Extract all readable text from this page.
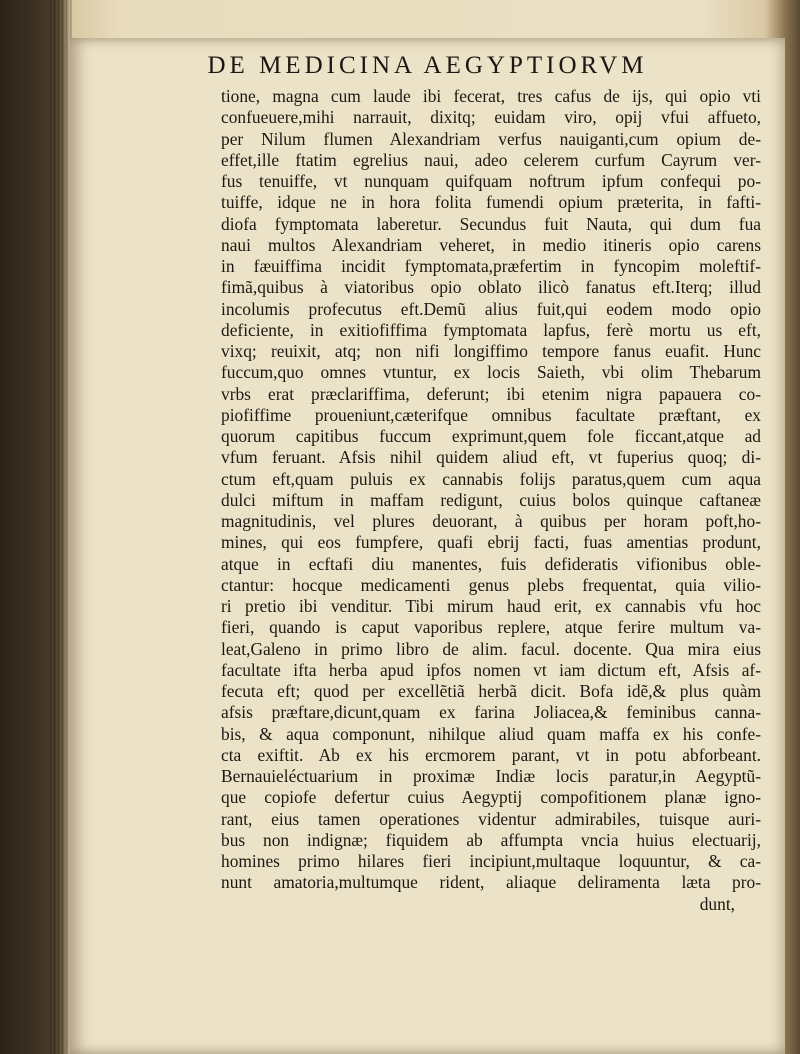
DE MEDICINA AEGYPTIORVM
tione, magna cum laude ibi fecerat, tres cafus de ijs, qui opio vti
confueuere,mihi narrauit, dixitq; euidam viro, opij vfui affueto,
per Nilum flumen Alexandriam verfus nauiganti,cum opium de-
effet,ille ftatim egrelius naui, adeo celerem curfum Cayrum ver-
fus tenuiffe, vt nunquam quifquam noftrum ipfum confequi po-
tuiffe, idque ne in hora folita fumendi opium præterita, in fafti-
diofa fymptomata laberetur. Secundus fuit Nauta, qui dum fua
naui multos Alexandriam veheret, in medio itineris opio carens
in fæuiffima incidit fymptomata,præfertim in fyncopim moleftif-
fimã,quibus à viatoribus opio oblato ilicò fanatus eft.Iterq; illud
incolumis profecutus eft.Demũ alius fuit,qui eodem modo opio
deficiente, in exitiofiffima fymptomata lapfus, ferè mortu us eft,
vixq; reuixit, atq; non nifi longiffimo tempore fanus euafit. Hunc
fuccum,quo omnes vtuntur, ex locis Saieth, vbi olim Thebarum
vrbs erat præclariffima, deferunt; ibi etenim nigra papauera co-
piofiffime proueniunt,cæterifque omnibus facultate præftant, ex
quorum capitibus fuccum exprimunt,quem fole ficcant,atque ad
vfum feruant. Afsis nihil quidem aliud eft, vt fuperius quoq; di-
ctum eft,quam puluis ex cannabis folijs paratus,quem cum aqua
dulci miftum in maffam redigunt, cuius bolos quinque caftaneæ
magnitudinis, vel plures deuorant, à quibus per horam poft,ho-
mines, qui eos fumpfere, quafi ebrij facti, fuas amentias produnt,
atque in ecftafi diu manentes, fuis defideratis vifionibus oble-
ctantur: hocque medicamenti genus plebs frequentat, quia vilio-
ri pretio ibi venditur. Tibi mirum haud erit, ex cannabis vfu hoc
fieri, quando is caput vaporibus replere, atque ferire multum va-
leat,Galeno in primo libro de alim. facul. docente. Qua mira eius
facultate ifta herba apud ipfos nomen vt iam dictum eft, Afsis af-
fecuta eft; quod per excellẽtiã herbã dicit. Bofa idẽ,& plus quàm
afsis præftare,dicunt,quam ex farina Joliacea,& feminibus canna-
bis, & aqua componunt, nihilque aliud quam maffa ex his confe-
cta exiftit. Ab ex his ercmorem parant, vt in potu abforbeant.
Bernauieléctuarium in proximæ Indiæ locis paratur,in Aegyptũ-
que copiofe defertur cuius Aegyptij compofitionem planæ igno-
rant, eius tamen operationes videntur admirabiles, tuisque auri-
bus non indignæ; fiquidem ab affumpta vncia huius electuarij,
homines primo hilares fieri incipiunt,multaque loquuntur, & ca-
nunt amatoria,multumque rident, aliaque deliramenta læta pro-
dunt,
